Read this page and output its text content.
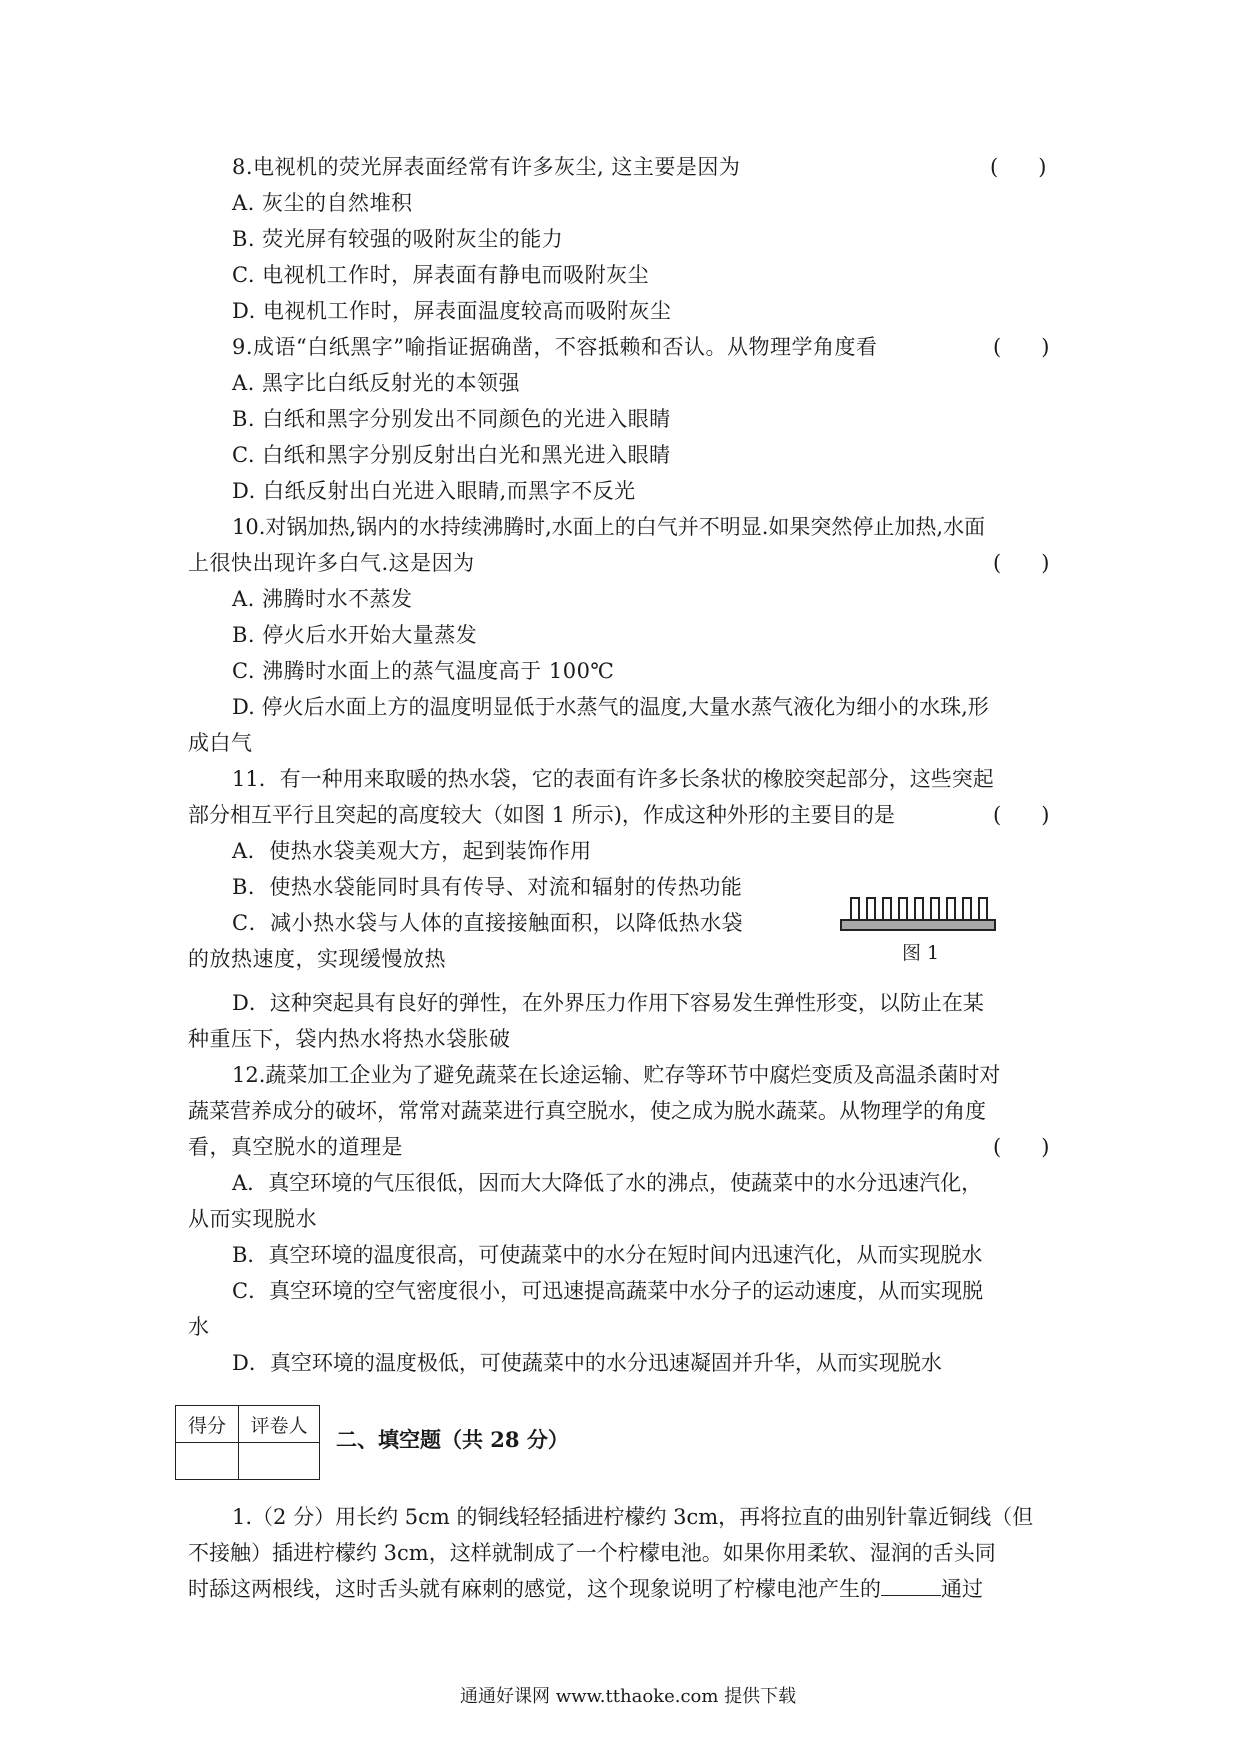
8.电视机的荧光屏表面经常有许多灰尘, 这主要是因为	(      )
A. 灰尘的自然堆积
B. 荧光屏有较强的吸附灰尘的能力
C. 电视机工作时，屏表面有静电而吸附灰尘
D. 电视机工作时，屏表面温度较高而吸附灰尘
9.成语“白纸黑字”喻指证据确凿，不容抵赖和否认。从物理学角度看	(      )
A. 黑字比白纸反射光的本领强
B. 白纸和黑字分别发出不同颜色的光进入眼睛
C. 白纸和黑字分别反射出白光和黑光进入眼睛
D. 白纸反射出白光进入眼睛,而黑字不反光
10.对锅加热,锅内的水持续沸腾时,水面上的白气并不明显.如果突然停止加热,水面
上很快出现许多白气.这是因为	(      )
A. 沸腾时水不蒸发
B. 停火后水开始大量蒸发
C. 沸腾时水面上的蒸气温度高于 100℃
D. 停火后水面上方的温度明显低于水蒸气的温度,大量水蒸气液化为细小的水珠,形
成白气
11．有一种用来取暖的热水袋，它的表面有许多长条状的橡胶突起部分，这些突起
部分相互平行且突起的高度较大（如图 1 所示)，作成这种外形的主要目的是	(      )
A．使热水袋美观大方，起到装饰作用
B．使热水袋能同时具有传导、对流和辐射的传热功能
C．减小热水袋与人体的直接接触面积，以降低热水袋
的放热速度，实现缓慢放热
D．这种突起具有良好的弹性，在外界压力作用下容易发生弹性形变，以防止在某
种重压下，袋内热水将热水袋胀破
图 1
12.蔬菜加工企业为了避免蔬菜在长途运输、贮存等环节中腐烂变质及高温杀菌时对
蔬菜营养成分的破坏，常常对蔬菜进行真空脱水，使之成为脱水蔬菜。从物理学的角度
看，真空脱水的道理是	(      )
A．真空环境的气压很低，因而大大降低了水的沸点，使蔬菜中的水分迅速汽化，
从而实现脱水
B．真空环境的温度很高，可使蔬菜中的水分在短时间内迅速汽化，从而实现脱水
C．真空环境的空气密度很小，可迅速提高蔬菜中水分子的运动速度，从而实现脱
水
D．真空环境的温度极低，可使蔬菜中的水分迅速凝固并升华，从而实现脱水
得分	评卷人

二、填空题（共 28 分）
1.（2 分）用长约 5cm 的铜线轻轻插进柠檬约 3cm，再将拉直的曲别针靠近铜线（但
不接触）插进柠檬约 3cm，这样就制成了一个柠檬电池。如果你用柔软、湿润的舌头同
时舔这两根线，这时舌头就有麻刺的感觉，这个现象说明了柠檬电池产生的	通过
通通好课网 www.tthaoke.com 提供下载
